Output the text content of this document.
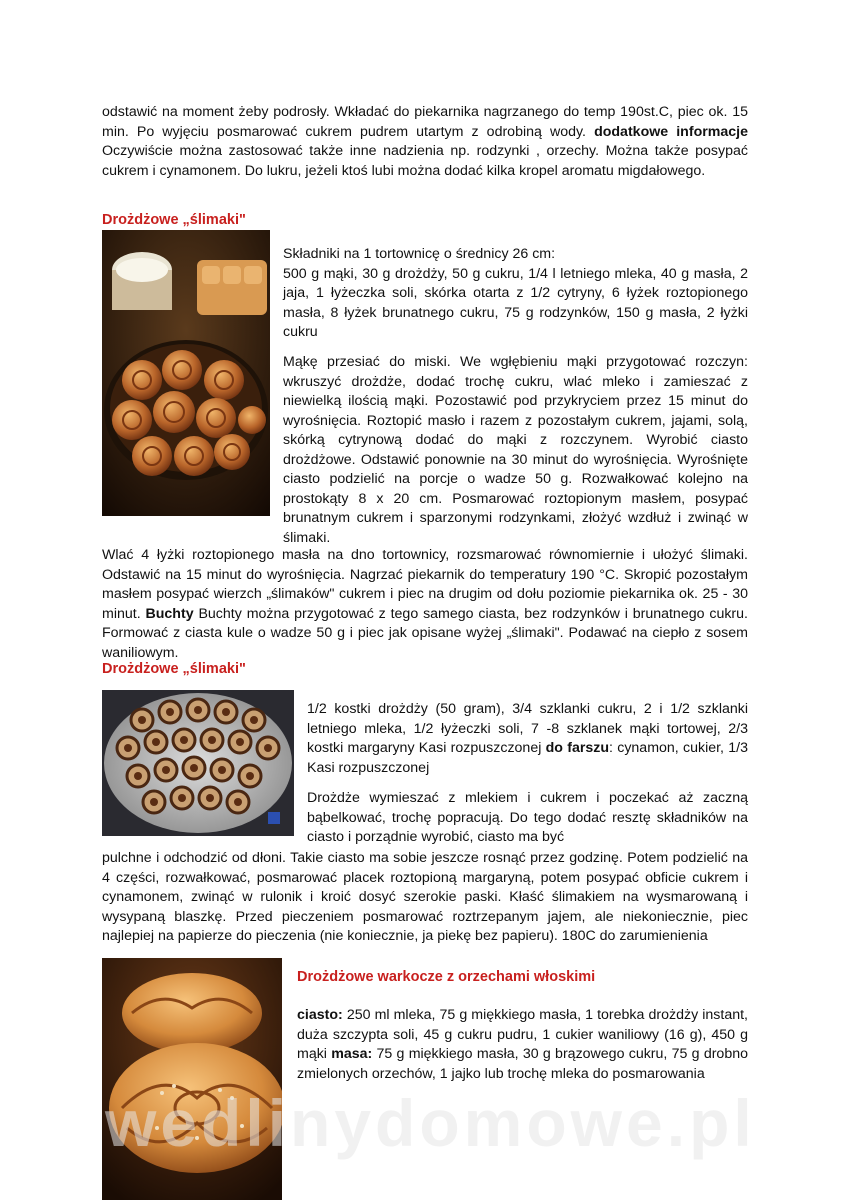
odstawić na moment żeby podrosły. Wkładać do piekarnika nagrzanego do temp 190st.C, piec ok. 15 min. Po wyjęciu posmarować cukrem pudrem utartym z odrobiną wody. dodatkowe informacje Oczywiście można zastosować także inne nadzienia np. rodzynki , orzechy. Można także posypać cukrem i cynamonem. Do lukru, jeżeli ktoś lubi można dodać kilka kropel aromatu migdałowego.
Drożdżowe „ślimaki"

Składniki na 1 tortownicę o średnicy 26 cm:

500 g mąki, 30 g drożdży, 50 g cukru, 1/4 l letniego mleka, 40 g masła, 2 jaja, 1 łyżeczka soli, skórka otarta z 1/2 cytryny, 6 łyżek roztopionego masła, 8 łyżek brunatnego cukru, 75 g rodzynków, 150 g masła, 2 łyżki cukru

Mąkę przesiać do miski. We wgłębieniu mąki przygotować rozczyn: wkruszyć drożdże, dodać trochę cukru, wlać mleko i zamieszać z niewielką ilością mąki. Pozostawić pod przykryciem przez 15 minut do wyrośnięcia. Roztopić masło i razem z pozostałym cukrem, jajami, solą, skórką cytrynową dodać do mąki z rozczynem. Wyrobić ciasto drożdżowe. Odstawić ponownie na 30 minut do wyrośnięcia. Wyrośnięte ciasto podzielić na porcje o wadze 50 g. Rozwałkować kolejno na prostokąty 8 x 20 cm. Posmarować roztopionym masłem, posypać brunatnym cukrem i sparzonymi rodzynkami, złożyć wzdłuż i zwinąć w ślimaki.
Wlać 4 łyżki roztopionego masła na dno tortownicy, rozsmarować równomiernie i ułożyć ślimaki. Odstawić na 15 minut do wyrośnięcia. Nagrzać piekarnik do temperatury 190 °C. Skropić pozostałym masłem posypać wierzch „ślimaków" cukrem i piec na drugim od dołu poziomie piekarnika ok. 25 - 30 minut. Buchty Buchty można przygotować z tego samego ciasta, bez rodzynków i brunatnego cukru. Formować z ciasta kule o wadze 50 g i piec jak opisane wyżej „ślimaki". Podawać na ciepło z sosem waniliowym.
Drożdżowe „ślimaki"
1/2 kostki drożdży (50 gram), 3/4 szklanki cukru, 2 i 1/2 szklanki letniego mleka, 1/2 łyżeczki soli, 7 -8 szklanek mąki tortowej, 2/3 kostki margaryny Kasi rozpuszczonej do farszu: cynamon, cukier, 1/3 Kasi rozpuszczonej
Drożdże wymieszać z mlekiem i cukrem i poczekać aż zaczną bąbelkować, trochę popracują. Do tego dodać resztę składników na ciasto i porządnie wyrobić, ciasto ma być
pulchne i odchodzić od dłoni. Takie ciasto ma sobie jeszcze rosnąć przez godzinę. Potem podzielić na 4 części, rozwałkować, posmarować placek roztopioną margaryną, potem posypać obficie cukrem i cynamonem, zwinąć w rulonik i kroić dosyć szerokie paski. Kłaść ślimakiem na wysmarowaną i wysypaną blaszkę. Przed pieczeniem posmarować roztrzepanym jajem, ale niekoniecznie, piec najlepiej na papierze do pieczenia (nie koniecznie, ja piekę bez papieru). 180C do zarumienienia
Drożdżowe warkocze z orzechami włoskimi
ciasto: 250 ml mleka, 75 g miękkiego masła, 1 torebka drożdży instant, duża szczypta soli, 45 g cukru pudru, 1 cukier waniliowy (16 g), 450 g mąki masa: 75 g miękkiego masła, 30 g brązowego cukru, 75 g drobno zmielonych orzechów, 1 jajko lub trochę mleka do posmarowania
wedlinydomowe.pl
